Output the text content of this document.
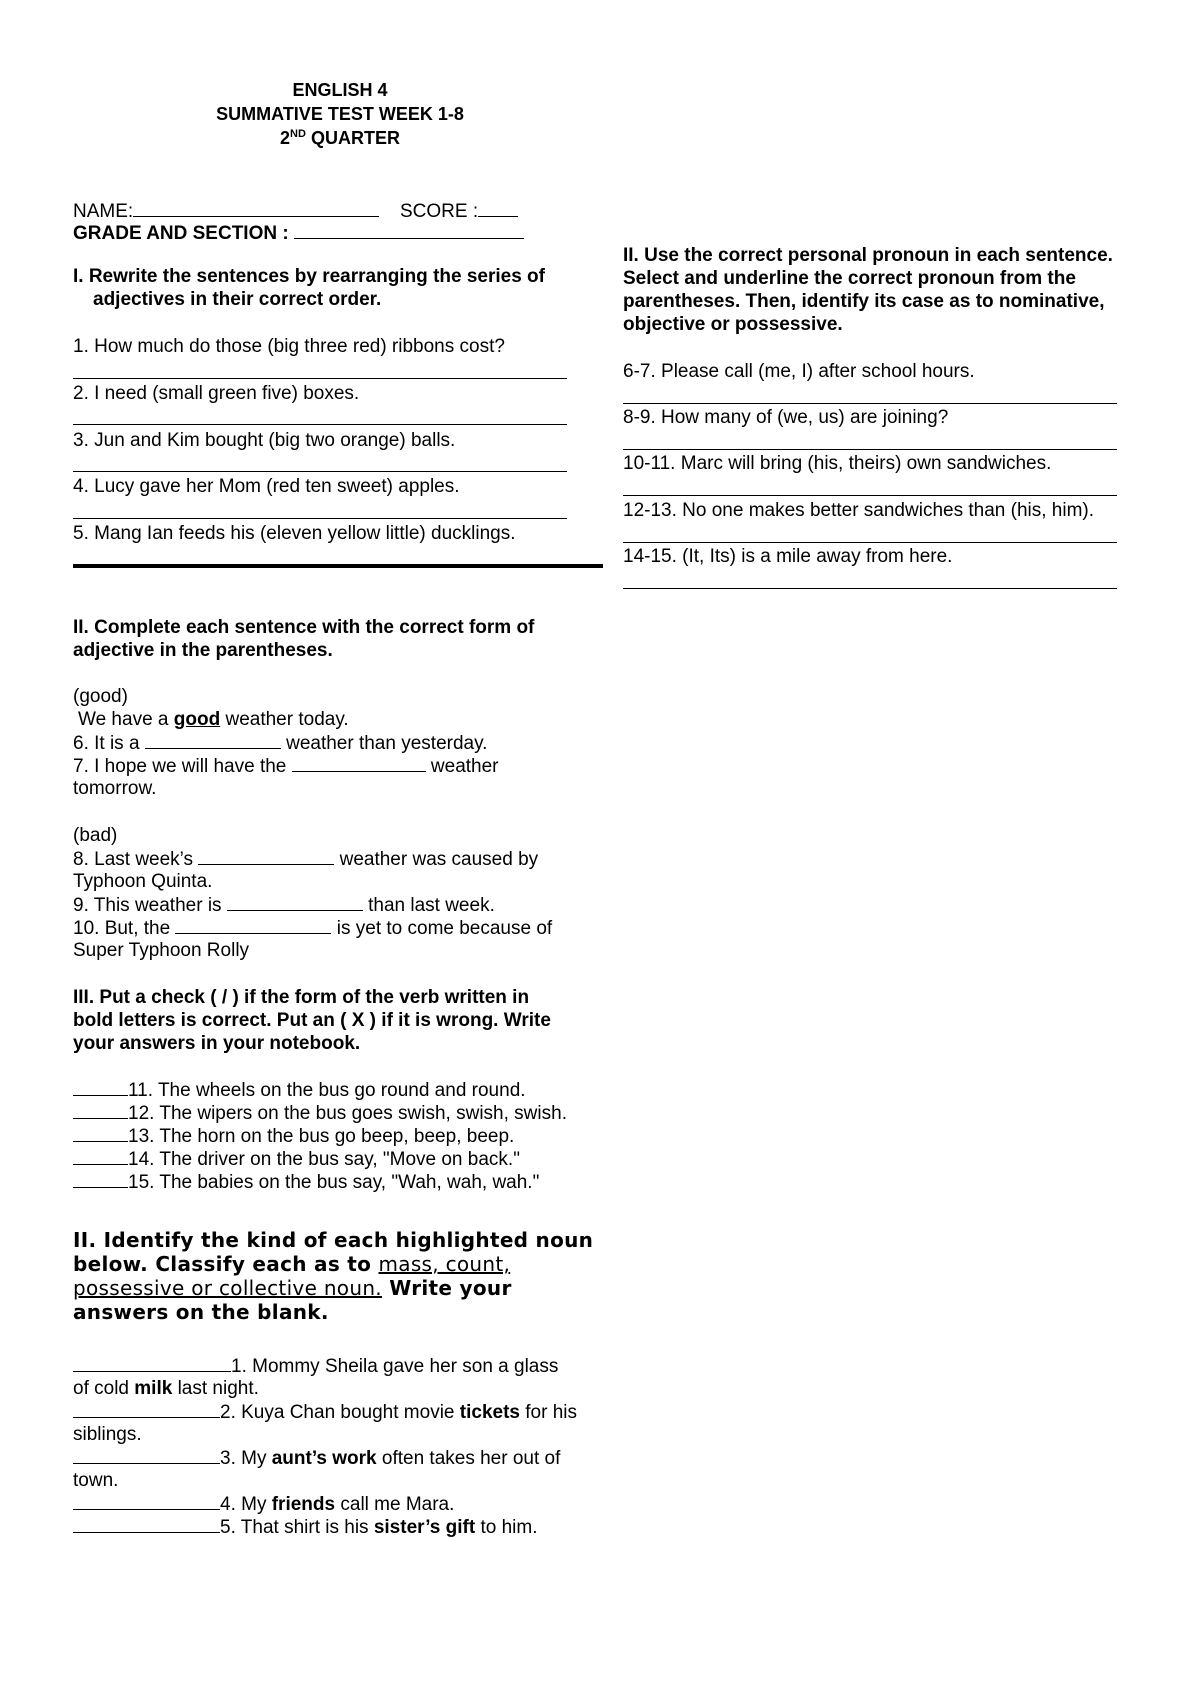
ENGLISH 4
SUMMATIVE TEST WEEK 1-8
2ND QUARTER
NAME:	SCORE :
GRADE AND SECTION :
I. Rewrite the sentences by rearranging the series of
adjectives in their correct order.
1. How much do those (big three red) ribbons cost?
2. I need (small green five) boxes.
3. Jun and Kim bought (big two orange) balls.
4. Lucy gave her Mom (red ten sweet) apples.
5. Mang Ian feeds his (eleven yellow little) ducklings.
II. Complete each sentence with the correct form of
adjective in the parentheses.
(good)
We have a good weather today.
6. It is a	weather than yesterday.
7. I hope we will have the	weather
tomorrow.
(bad)
8. Last week’s	weather was caused by
Typhoon Quinta.
9. This weather is	than last week.
10. But, the	is yet to come because of
Super Typhoon Rolly
III. Put a check ( / ) if the form of the verb written in
bold letters is correct. Put an ( X ) if it is wrong. Write
your answers in your notebook.
11. The wheels on the bus go round and round.
12. The wipers on the bus goes swish, swish, swish.
13. The horn on the bus go beep, beep, beep.
14. The driver on the bus say, "Move on back."
15. The babies on the bus say, "Wah, wah, wah."
II. Identify the kind of each highlighted noun
below. Classify each as to mass, count,
possessive or collective noun. Write your
answers on the blank.
1. Mommy Sheila gave her son a glass
of cold milk last night.
2. Kuya Chan bought movie tickets for his
siblings.
3. My aunt’s work often takes her out of
town.
4. My friends call me Mara.
5. That shirt is his sister’s gift to him.
II. Use the correct personal pronoun in each sentence.
Select and underline the correct pronoun from the
parentheses. Then, identify its case as to nominative,
objective or possessive.
6-7. Please call (me, I) after school hours.
8-9. How many of (we, us) are joining?
10-11. Marc will bring (his, theirs) own sandwiches.
12-13. No one makes better sandwiches than (his, him).
14-15. (It, Its) is a mile away from here.
